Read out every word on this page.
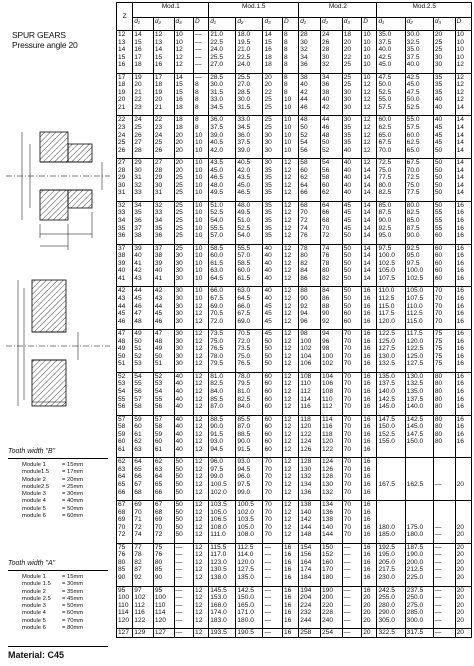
SPUR GEARS
Pressure angle 20
Tooth width "B"
Module 1	= 15mm
module1.5	= 17mm
Module 2	= 20mm
module2.5	= 25mm
Module 3	= 30mm
module 4	= 40mm
module 5	= 50mm
module 6	= 60mm
Tooth width "A"
Module 1	= 15mm
module 1.5	= 30mm
module 2	= 35mm
module 2.5	= 45mm
module 3	= 50mm
module 4	= 60mm
module 5	= 70mm
module 6	= 80mm
Material: C45
Z	Mod.1				Mod.1.5				Mod.2				Mod.2.5			
	d₁	d₂	d₃	D	d₁	d₂	d₃	D	d₁	d₂	d₃	D	d₁	d₂	d₃	D
12	14	12	10	—	21.0	18.0	14	8	28	24	18	10	35.0	30.0	20	10
13	15	13	10	—	22.5	19.5	15	8	30	26	20	10	37.5	32.5	25	10
14	16	14	12	—	24.0	21.0	16	8	32	28	20	10	40.0	35.0	25	10
15	17	15	12	—	25.5	22.5	18	8	34	30	22	10	42.5	37.5	30	10
16	18	16	12	—	27.0	24.0	18	8	36	32	25	10	45.0	40.0	30	12

17	19	17	14	—	28.5	25.5	20	8	38	34	25	10	47.5	42.5	35	12
18	20	18	15	8	30.0	27.0	20	8	40	36	25	12	50.0	45.0	35	12
19	21	19	15	8	31.5	28.5	22	8	42	38	30	12	52.5	47.5	35	12
20	22	20	16	8	33.0	30.0	25	10	44	40	30	12	55.0	50.0	40	12
21	23	21	18	8	34.5	31.5	25	10	46	42	30	12	57.5	52.5	40	14

22	24	22	18	8	36.0	33.0	25	10	48	44	30	12	60.0	55.0	40	14
23	25	23	18	8	37.5	34.5	25	10	50	46	35	12	62.5	57.5	45	14
24	26	24	20	10	39.0	36.0	30	10	52	48	35	12	65.0	60.0	45	14
25	27	25	20	10	40.5	37.5	30	10	54	50	35	12	67.5	62.5	45	14
26	28	26	20	10	42.0	39.0	30	10	56	52	40	12	70.0	65.0	50	14

27	29	27	20	10	43.5	40.5	30	12	58	54	40	12	72.5	67.5	50	14
28	30	28	20	10	45.0	42.0	35	12	60	56	40	14	75.0	70.0	50	14
29	31	29	25	10	46.5	43.5	35	12	62	58	40	14	77.5	72.5	50	14
30	32	30	25	10	48.0	45.0	35	12	64	60	40	14	80.0	75.0	50	14
31	33	31	25	10	49.5	46.5	35	12	66	62	40	14	82.5	77.5	50	14

32	34	32	25	10	51.0	48.0	35	12	68	64	45	14	85.0	80.0	50	16
33	35	33	25	10	52.5	49.5	35	12	70	66	45	14	87.5	82.5	55	16
34	36	34	25	10	54.0	51.0	35	12	72	68	45	14	90.0	85.0	55	16
35	37	35	25	10	55.5	52.5	35	12	74	70	45	14	92.5	87.5	55	16
36	38	36	25	10	57.0	54.0	35	12	76	72	50	14	95.0	90.0	60	16

37	39	37	25	10	58.5	55.5	40	12	78	74	50	14	97.5	92.5	60	16
38	40	38	30	10	60.0	57.0	40	12	80	76	50	14	100.0	95.0	60	16
39	41	39	30	10	61.5	58.5	40	12	82	78	50	14	102.5	97.5	60	16
40	42	40	30	10	63.0	60.0	40	12	84	80	50	14	105.0	100.0	60	16
41	43	41	30	10	64.5	61.5	40	12	86	82	50	14	107.5	102.5	60	16

42	44	42	30	10	66.0	63.0	40	12	88	84	50	16	110.0	105.0	70	16
43	45	43	30	10	67.5	64.5	40	12	90	86	50	16	112.5	107.5	70	16
44	46	44	30	12	69.0	66.0	45	12	92	88	50	16	115.0	110.0	70	16
45	47	45	30	12	70.5	67.5	45	12	94	90	60	16	117.5	112.5	70	16
46	48	46	30	12	72.0	69.0	45	12	96	92	60	16	120.0	115.0	70	16

47	49	47	30	12	73.5	70.5	45	12	98	94	70	16	122.5	117.5	75	16
48	50	48	30	12	75.0	72.0	50	12	100	96	70	16	125.0	120.0	75	16
49	51	49	30	12	76.5	73.5	50	12	102	98	70	16	127.5	122.5	75	16
50	52	50	30	12	78.0	75.0	50	12	104	100	70	16	130.0	125.0	75	16
51	53	51	30	12	79.5	76.5	50	12	106	102	70	16	132.5	127.5	75	16

52	54	52	40	12	81.0	78.0	60	12	108	104	70	16	135.0	130.0	80	16
53	55	53	40	12	82.5	79.5	60	12	110	106	70	16	137.5	132.5	80	16
54	56	54	40	12	84.0	81.0	60	12	112	108	70	16	140.0	135.0	80	16
55	57	55	40	12	85.5	82.5	60	12	114	110	70	16	142.5	137.5	80	16
56	58	56	40	12	87.0	84.0	60	12	116	112	70	16	145.0	140.0	80	16

57	59	57	40	12	88.5	85.5	60	12	118	114	70	16	147.5	142.5	80	16
58	60	58	40	12	90.0	87.0	60	12	120	116	70	16	150.0	145.0	80	16
59	61	59	40	12	91.5	88.5	60	12	122	118	70	16	152.5	147.5	80	16
60	62	60	40	12	93.0	90.0	60	12	124	120	70	16	155.0	150.0	80	16
61	63	61	40	12	94.5	91.5	60	12	126	122	70	16				

62	64	62	50	12	96.0	93.0	70	12	128	124	70	16				
63	65	63	50	12	97.5	94.5	70	12	130	126	70	16				
64	66	64	50	12	99.0	96.0	70	12	132	128	70	16				
65	67	65	50	12	100.5	97.5	70	12	134	130	70	16	167.5	162.5	—	20
66	68	66	50	12	102.0	99.0	70	12	136	132	70	16				

67	69	67	50	12	103.5	100.5	70	12	138	134	70	16				
68	70	68	50	12	105.0	102.0	70	12	140	136	70	16				
69	71	69	50	12	106.5	103.5	70	12	142	138	70	16				
70	72	70	50	12	108.0	105.0	70	12	144	140	70	16	180.0	175.0	—	20
72	74	72	50	12	111.0	108.0	70	12	148	144	70	16	185.0	180.0	—	20

75	77	75	—	12	115.5	112.5	—	16	154	150	—	16	192.5	187.5	—	20
76	78	76	—	12	117.0	114.0	—	16	156	152	—	16	195.0	190.0	—	20
80	82	80	—	12	123.0	120.0	—	16	164	160	—	16	205.0	200.0	—	20
85	87	85	—	12	130.5	127.5	—	16	174	170	—	16	217.5	212.5	—	20
90	92	90	—	12	138.0	135.0	—	16	184	180	—	16	230.0	225.0	—	20

95	97	95	—	12	145.5	142.5	—	16	194	190	—	16	242.5	237.5	—	20
100	102	100	—	12	153.0	150.0	—	16	204	200	—	20	255.0	250.0	—	20
110	112	110	—	12	168.0	165.0	—	16	224	220	—	20	280.0	275.0	—	20
114	116	114	—	12	174.0	171.0	—	16	232	228	—	20	290.0	285.0	—	20
120	122	120	—	12	183.0	180.0	—	16	244	240	—	20	305.0	300.0	—	20

127	129	127	—	12	193.5	190.5	—	16	258	254	—	20	322.5	317.5	—	20
